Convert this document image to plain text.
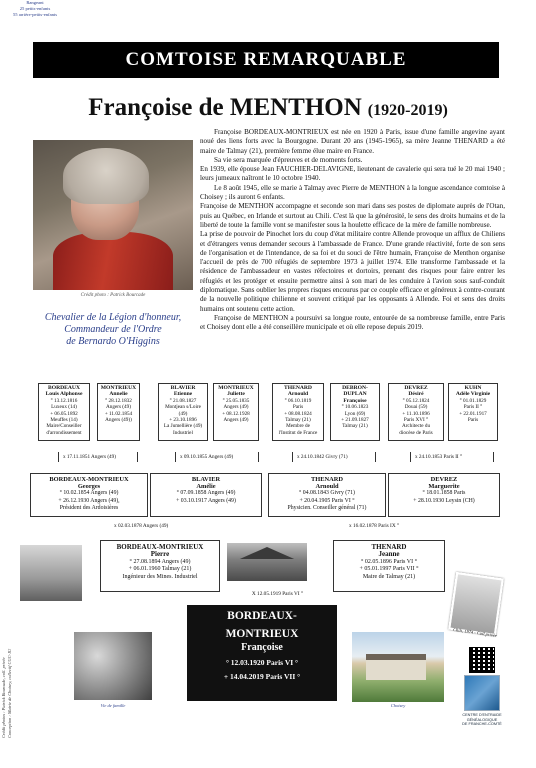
COMTOISE REMARQUABLE
Françoise de MENTHON (1920-2019)
Crédit photo : Patrick Bourcade
Chevalier de la Légion d'honneur,
Commandeur de l'Ordre
de Bernardo O'Higgins

Françoise BORDEAUX-MONTRIEUX est née en 1920 à Paris, issue d'une famille angevine ayant noué des liens forts avec la Bourgogne. Durant 20 ans (1945-1965), sa mère Jeanne THENARD a été maire de Talmay (21), première femme élue maire en France.

Sa vie sera marquée d'épreuves et de moments forts.

En 1939, elle épouse Jean FAUCHIER-DELAVIGNE, lieutenant de cavalerie qui sera tué le 20 mai 1940 ; leurs jumeaux naîtront le 10 octobre 1940.

Le 8 août 1945, elle se marie à Talmay avec Pierre de MENTHON à la longue ascendance comtoise à Choisey ; ils auront 6 enfants.

Françoise de MENTHON accompagne et seconde son mari dans ses postes de diplomate auprès de l'Otan, puis au Québec, en Irlande et surtout au Chili. C'est là que la générosité, le sens des droits humains et de la liberté de toute la famille vont se manifester sous la houlette efficace de la mère de famille nombreuse.

La prise de pouvoir de Pinochet lors du coup d'état militaire contre Allende provoque un afflux de Chiliens et d'étrangers venus demander secours à l'ambassade de France. D'une grande réactivité, forte de son sens de l'organisation et de l'intendance, de sa foi et du souci de l'être humain, Françoise de Menthon organise l'accueil de près de 700 réfugiés de septembre 1973 à juillet 1974. Elle transforme l'ambassade et la résidence de l'ambassadeur en vastes réfectoires et dortoirs, prenant des risques pour faire entrer les réfugiés et les protéger et ensuite permettre ainsi à son mari de les conduire à l'avion sous sauf-conduit diplomatique. Sans oublier les propres risques encourus par ce couple efficace et généreux à contre-courant de la nouvelle politique chilienne et souvent critiqué par les opposants à Allende. Foi et sens des droits humains ont soutenu cette action.

Françoise de MENTHON a poursuivi sa longue route, entourée de sa nombreuse famille, entre Paris et Choisey dont elle a été conseillère municipale et où elle repose depuis 2019.

BORDEAUX
Louis Alphonse
° 13.12.1816
Luxeux (14)
+ 06.05.1892
Meuffes (14)
Maire/Conseiller
d'arrondissement
MONTRIEUX
Annelie
° 28.12.1832
Angers (49)
+ 11.02.1854
Angers (49))
BLAVIER
Etienne
° 21.08.1827
Montjean s/Loire
(49)
+ 23.10.1896
La Jumellière (49)
Industriel
MONTRIEUX
Juliette
° 25.05.1835
Angers (49)
+ 08.12.1928
Angers (49)
THENARD
Arnould
° 06.10.1819
Paris
+ 08.08.1824
Talmay (21)
Membre de
l'Institut de France
DEBRON-DUPLAN
Françoise
° 10.06.1823
Lyon (69)
+ 21.09.1827
Talmay (21)
DEVREZ
Désiré
° 05.12.1824
Douai (59)
+ 11.10.1896
Paris XVI °
Architecte du
diocèse de Paris
KUHN
Adèle Virginie
° 01.01.1829
Paris II °
+ 22.01.1917
Paris
x 17.11.1851 Angers (49)	x 09.10.1855 Angers (49)	x 24.10.1842 Givry (71)	x 24.10.1853 Paris II °
BORDEAUX-MONTRIEUX
Georges
° 10.02.1854 Angers (49)
+ 26.12.1930 Angers (49),
Président des Ardoisières
BLAVIER
Amélie
° 07.09.1858 Angers (49)
+ 03.10.1917 Angers (49)
THENARD
Arnould
° 04.08.1843 Givry (71)
+ 20.04.1905 Paris VI °
Physicien. Conseiller général (71)
DEVREZ
Marguerite
° 18.01.1858 Paris
+ 28.10.1930 Leysin (CH)
x 02.03.1878 Angers (49)	x 16.02.1878 Paris IX °
Chili, 1974 - Coll.privée
BORDEAUX-MONTRIEUX
Pierre
° 27.08.1894 Angers (49)
+ 06.01.1960 Talmay (21)
Ingénieur des Mines. Industriel
THENARD
Jeanne
° 02.05.1896 Paris VI °
+ 05.01.1997 Paris VII °
Maire de Talmay (21)
X 12.05.1919 Paris VI °
BORDEAUX-
MONTRIEUX
Françoise
° 12.03.1920 Paris VI °
+ 14.04.2019 Paris VII °
Vie de famille	Choisey
Rangeant
25 petits-enfants
55 arrière-petits-enfants
CENTRE D'ENTRAIDE
GÉNÉALOGIQUE
DE FRANCHE-COMTÉ
Crédit photos : Patrick Bourcade, coll. privée Conception : Mairie de Choisey, collectif CGC-JU
